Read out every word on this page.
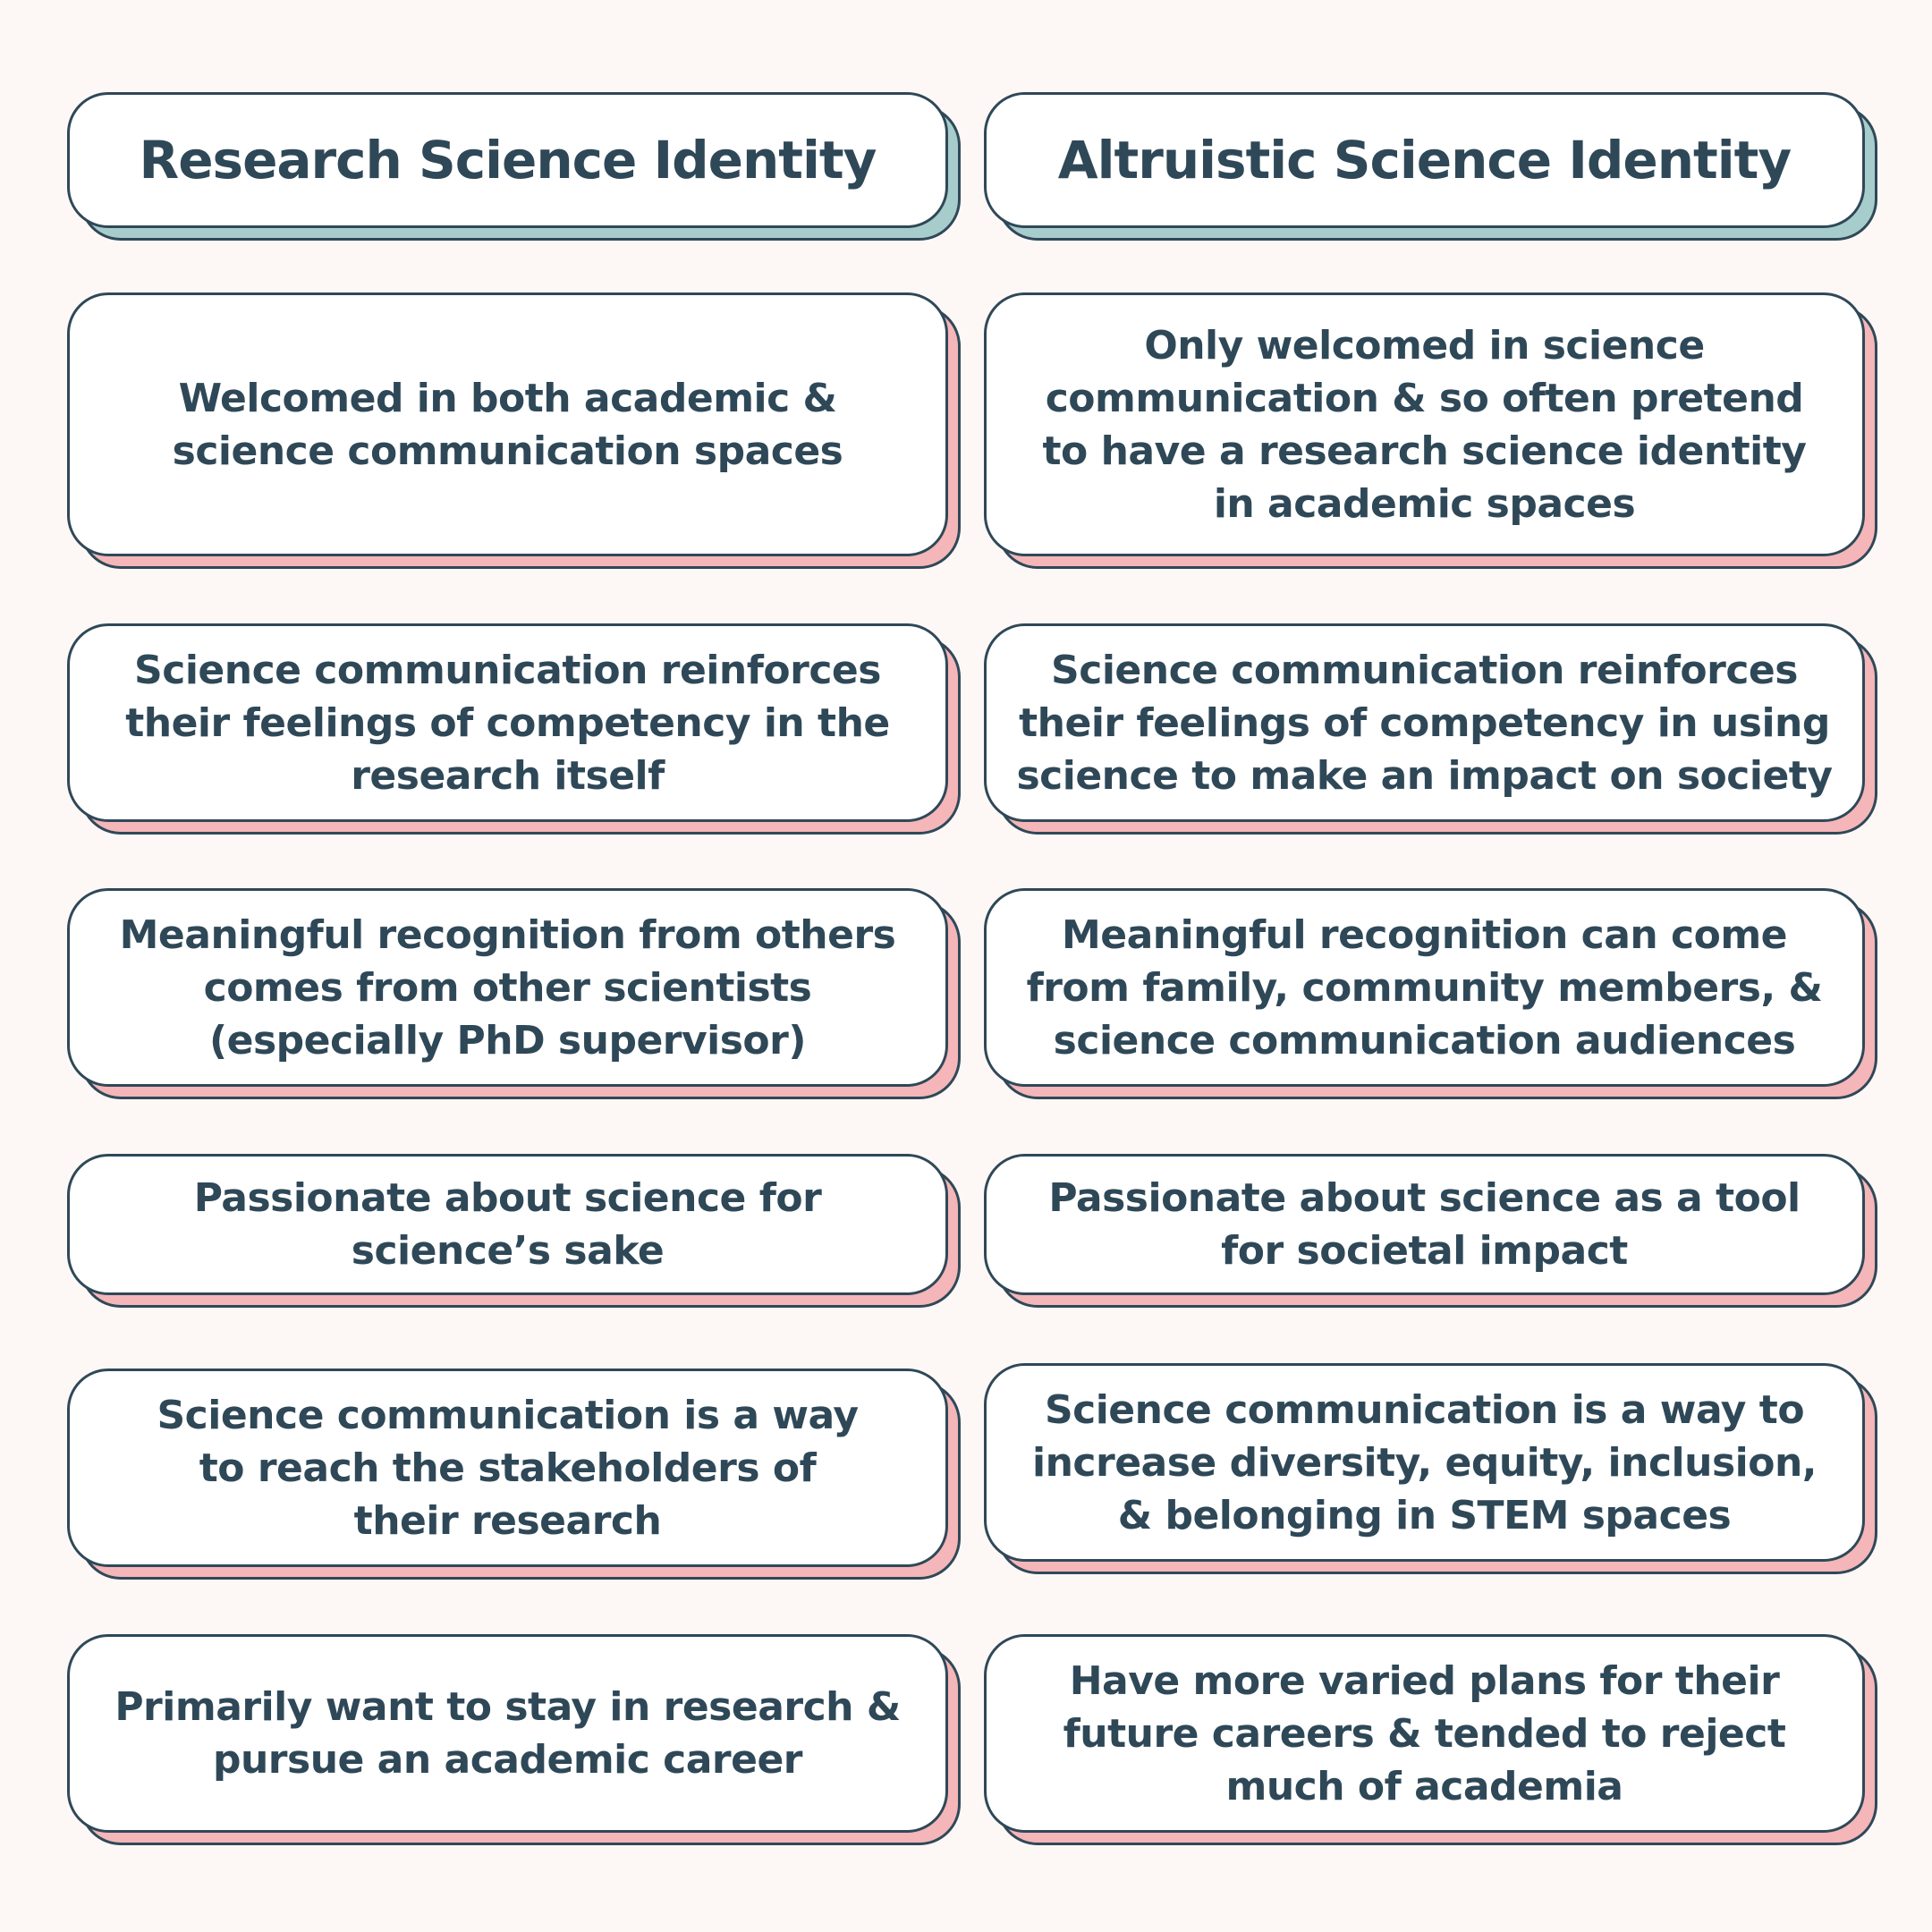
Research Science Identity	Altruistic Science Identity
Welcomed in both academic & science communication spaces
Only welcomed in science communication & so often pretend to have a research science identity in academic spaces
Science communication reinforces their feelings of competency in the research itself
Science communication reinforces their feelings of competency in using science to make an impact on society
Meaningful recognition from others comes from other scientists (especially PhD supervisor)
Meaningful recognition can come from family, community members, & science communication audiences
Passionate about science for science’s sake
Passionate about science as a tool for societal impact
Science communication is a way to reach the stakeholders of their research
Science communication is a way to increase diversity, equity, inclusion, & belonging in STEM spaces
Primarily want to stay in research & pursue an academic career
Have more varied plans for their future careers & tended to reject much of academia
